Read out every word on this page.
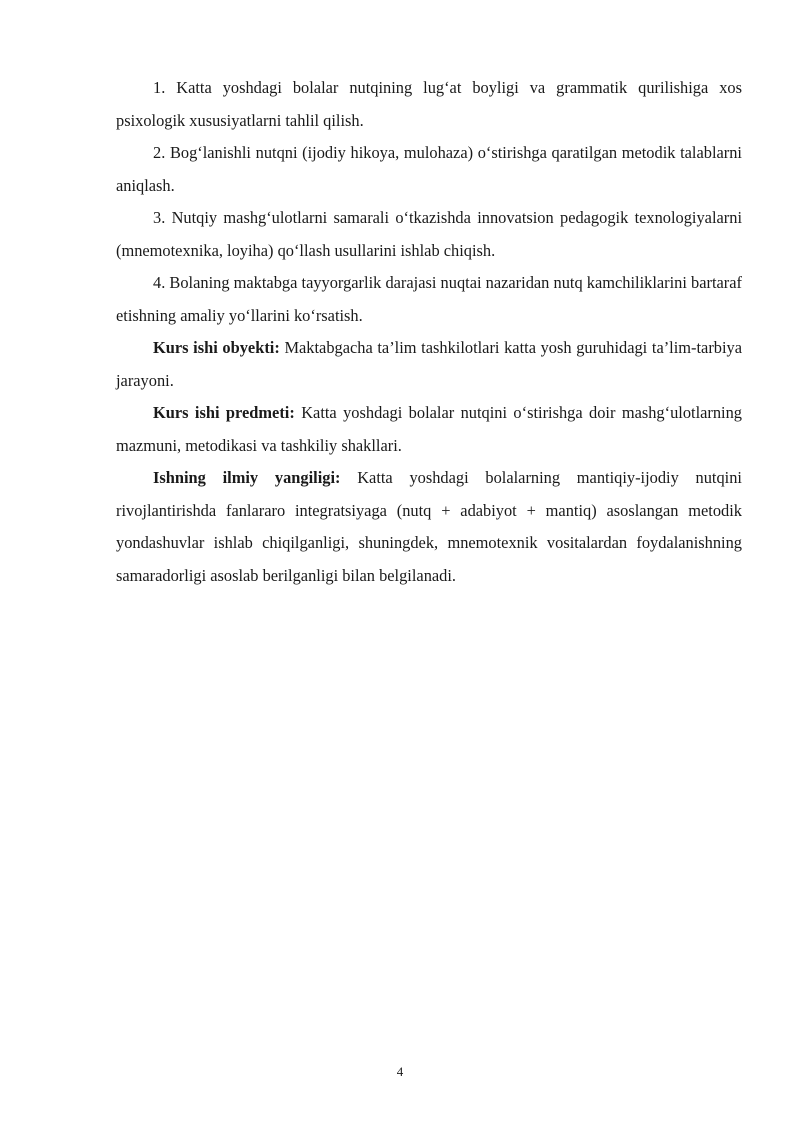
1. Katta yoshdagi bolalar nutqining lug‘at boyligi va grammatik qurilishiga xos psixologik xususiyatlarni tahlil qilish.

2. Bog‘lanishli nutqni (ijodiy hikoya, mulohaza) o‘stirishga qaratilgan metodik talablarni aniqlash.

3. Nutqiy mashg‘ulotlarni samarali o‘tkazishda innovatsion pedagogik texnologiyalarni (mnemotexnika, loyiha) qo‘llash usullarini ishlab chiqish.

4. Bolaning maktabga tayyorgarlik darajasi nuqtai nazaridan nutq kamchiliklarini bartaraf etishning amaliy yo‘llarini ko‘rsatish.

Kurs ishi obyekti: Maktabgacha ta’lim tashkilotlari katta yosh guruhidagi ta’lim-tarbiya jarayoni.

Kurs ishi predmeti: Katta yoshdagi bolalar nutqini o‘stirishga doir mashg‘ulotlarning mazmuni, metodikasi va tashkiliy shakllari.

Ishning ilmiy yangiligi: Katta yoshdagi bolalarning mantiqiy-ijodiy nutqini rivojlantirishda fanlararo integratsiyaga (nutq + adabiyot + mantiq) asoslangan metodik yondashuvlar ishlab chiqilganligi, shuningdek, mnemotexnik vositalardan foydalanishning samaradorligi asoslab berilganligi bilan belgilanadi.

4
